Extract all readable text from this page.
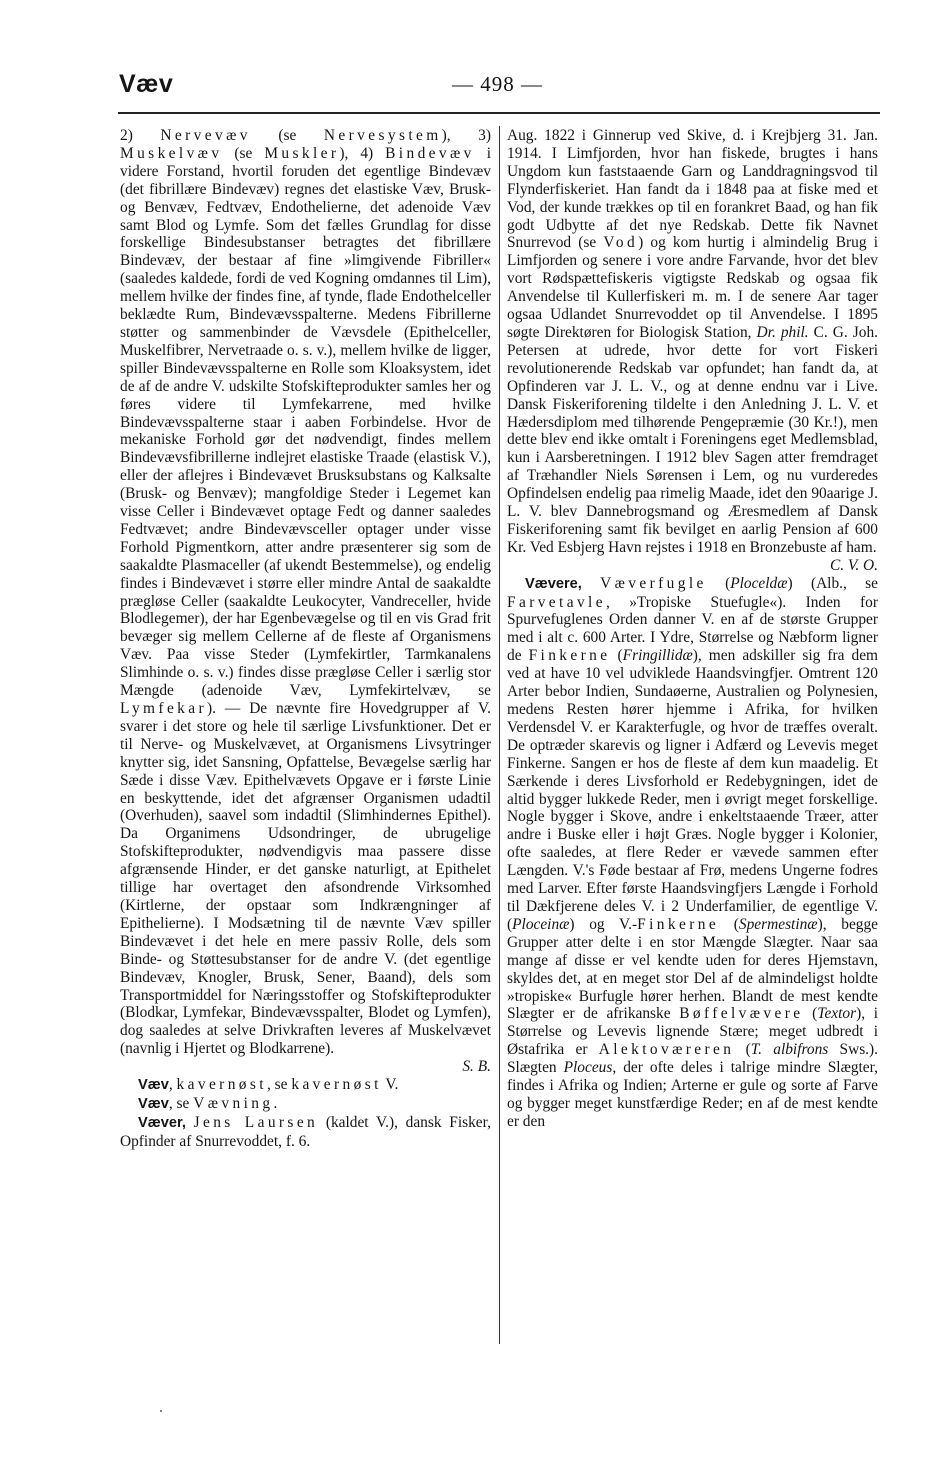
Væv	— 498 —

2) Nervevæv (se Nervesystem), 3) Muskelvæv (se Muskler), 4) Bindevæv i videre Forstand, hvortil foruden det egentlige Bindevæv (det fibrillære Bindevæv) regnes det elastiske Væv, Brusk- og Benvæv, Fedtvæv, Endothelierne, det adenoide Væv samt Blod og Lymfe. Som det fælles Grundlag for disse forskellige Bindesubstanser betragtes det fibrillære Bindevæv, der bestaar af fine »limgivende Fibriller« (saaledes kaldede, fordi de ved Kogning omdannes til Lim), mellem hvilke der findes fine, af tynde, flade Endothelceller beklædte Rum, Bindevævsspalterne. Medens Fibrillerne støtter og sammenbinder de Vævsdele (Epithelceller, Muskelfibrer, Nervetraade o. s. v.), mellem hvilke de ligger, spiller Bindevævsspalterne en Rolle som Kloaksystem, idet de af de andre V. udskilte Stofskifteprodukter samles her og føres videre til Lymfekarrene, med hvilke Bindevævsspalterne staar i aaben Forbindelse. Hvor de mekaniske Forhold gør det nødvendigt, findes mellem Bindevævsfibrillerne indlejret elastiske Traade (elastisk V.), eller der aflejres i Bindevævet Brusksubstans og Kalksalte (Brusk- og Benvæv); mangfoldige Steder i Legemet kan visse Celler i Bindevævet optage Fedt og danner saaledes Fedtvævet; andre Bindevævsceller optager under visse Forhold Pigmentkorn, atter andre præsenterer sig som de saakaldte Plasmaceller (af ukendt Bestemmelse), og endelig findes i Bindevævet i større eller mindre Antal de saakaldte prægløse Celler (saakaldte Leukocyter, Vandreceller, hvide Blodlegemer), der har Egenbevægelse og til en vis Grad frit bevæger sig mellem Cellerne af de fleste af Organismens Væv. Paa visse Steder (Lymfekirtler, Tarmkanalens Slimhinde o. s. v.) findes disse prægløse Celler i særlig stor Mængde (adenoide Væv, Lymfekirtelvæv, se Lymfekar). — De nævnte fire Hovedgrupper af V. svarer i det store og hele til særlige Livsfunktioner. Det er til Nerve- og Muskelvævet, at Organismens Livsytringer knytter sig, idet Sansning, Opfattelse, Bevægelse særlig har Sæde i disse Væv. Epithelvævets Opgave er i første Linie en beskyttende, idet det afgrænser Organismen udadtil (Overhuden), saavel som indadtil (Slimhindernes Epithel). Da Organimens Udsondringer, de ubrugelige Stofskifteprodukter, nødvendigvis maa passere disse afgrænsende Hinder, er det ganske naturligt, at Epithelet tillige har overtaget den afsondrende Virksomhed (Kirtlerne, der opstaar som Indkrængninger af Epithelierne). I Modsætning til de nævnte Væv spiller Bindevævet i det hele en mere passiv Rolle, dels som Binde- og Støttesubstanser for de andre V. (det egentlige Bindevæv, Knogler, Brusk, Sener, Baand), dels som Transportmiddel for Næringsstoffer og Stofskifteprodukter (Blodkar, Lymfekar, Bindevævsspalter, Blodet og Lymfen), dog saaledes at selve Drivkraften leveres af Muskelvævet (navnlig i Hjertet og Blodkarrene).

S. B.

Væv, kavernøst, se kavernøst V.

Væv, se Vævning.

Væver, Jens Laursen (kaldet V.), dansk Fisker, Opfinder af Snurrevoddet, f. 6.

Aug. 1822 i Ginnerup ved Skive, d. i Krejbjerg 31. Jan. 1914. I Limfjorden, hvor han fiskede, brugtes i hans Ungdom kun faststaaende Garn og Landdragningsvod til Flynderfiskeriet. Han fandt da i 1848 paa at fiske med et Vod, der kunde trækkes op til en forankret Baad, og han fik godt Udbytte af det nye Redskab. Dette fik Navnet Snurrevod (se Vod) og kom hurtig i almindelig Brug i Limfjorden og senere i vore andre Farvande, hvor det blev vort Rødspættefiskeris vigtigste Redskab og ogsaa fik Anvendelse til Kullerfiskeri m. m. I de senere Aar tager ogsaa Udlandet Snurrevoddet op til Anvendelse. I 1895 søgte Direktøren for Biologisk Station, Dr. phil. C. G. Joh. Petersen at udrede, hvor dette for vort Fiskeri revolutionerende Redskab var opfundet; han fandt da, at Opfinderen var J. L. V., og at denne endnu var i Live. Dansk Fiskeriforening tildelte i den Anledning J. L. V. et Hædersdiplom med tilhørende Pengepræmie (30 Kr.!), men dette blev end ikke omtalt i Foreningens eget Medlemsblad, kun i Aarsberetningen. I 1912 blev Sagen atter fremdraget af Træhandler Niels Sørensen i Lem, og nu vurderedes Opfindelsen endelig paa rimelig Maade, idet den 90aarige J. L. V. blev Dannebrogsmand og Æresmedlem af Dansk Fiskeriforening samt fik bevilget en aarlig Pension af 600 Kr. Ved Esbjerg Havn rejstes i 1918 en Bronzebuste af ham.
C. V. O.

Vævere, Væverfugle (Ploceldæ) (Alb., se Farvetavle, »Tropiske Stuefugle«). Inden for Spurvefuglenes Orden danner V. en af de største Grupper med i alt c. 600 Arter. I Ydre, Størrelse og Næbform ligner de Finkerne (Fringillidæ), men adskiller sig fra dem ved at have 10 vel udviklede Haandsvingfjer. Omtrent 120 Arter bebor Indien, Sundaøerne, Australien og Polynesien, medens Resten hører hjemme i Afrika, for hvilken Verdensdel V. er Karakterfugle, og hvor de træffes overalt. De optræder skarevis og ligner i Adfærd og Levevis meget Finkerne. Sangen er hos de fleste af dem kun maadelig. Et Særkende i deres Livsforhold er Redebygningen, idet de altid bygger lukkede Reder, men i øvrigt meget forskellige. Nogle bygger i Skove, andre i enkeltstaaende Træer, atter andre i Buske eller i højt Græs. Nogle bygger i Kolonier, ofte saaledes, at flere Reder er vævede sammen efter Længden. V.'s Føde bestaar af Frø, medens Ungerne fodres med Larver. Efter første Haandsvingfjers Længde i Forhold til Dækfjerene deles V. i 2 Underfamilier, de egentlige V. (Ploceinæ) og V.-Finkerne (Spermestinæ), begge Grupper atter delte i en stor Mængde Slægter. Naar saa mange af disse er vel kendte uden for deres Hjemstavn, skyldes det, at en meget stor Del af de almindeligst holdte »tropiske« Burfugle hører herhen. Blandt de mest kendte Slægter er de afrikanske Bøffelvævere (Textor), i Størrelse og Levevis lignende Stære; meget udbredt i Østafrika er Alektoværeren (T. albifrons Sws.). Slægten Ploceus, der ofte deles i talrige mindre Slægter, findes i Afrika og Indien; Arterne er gule og sorte af Farve og bygger meget kunstfærdige Reder; en af de mest kendte er den
